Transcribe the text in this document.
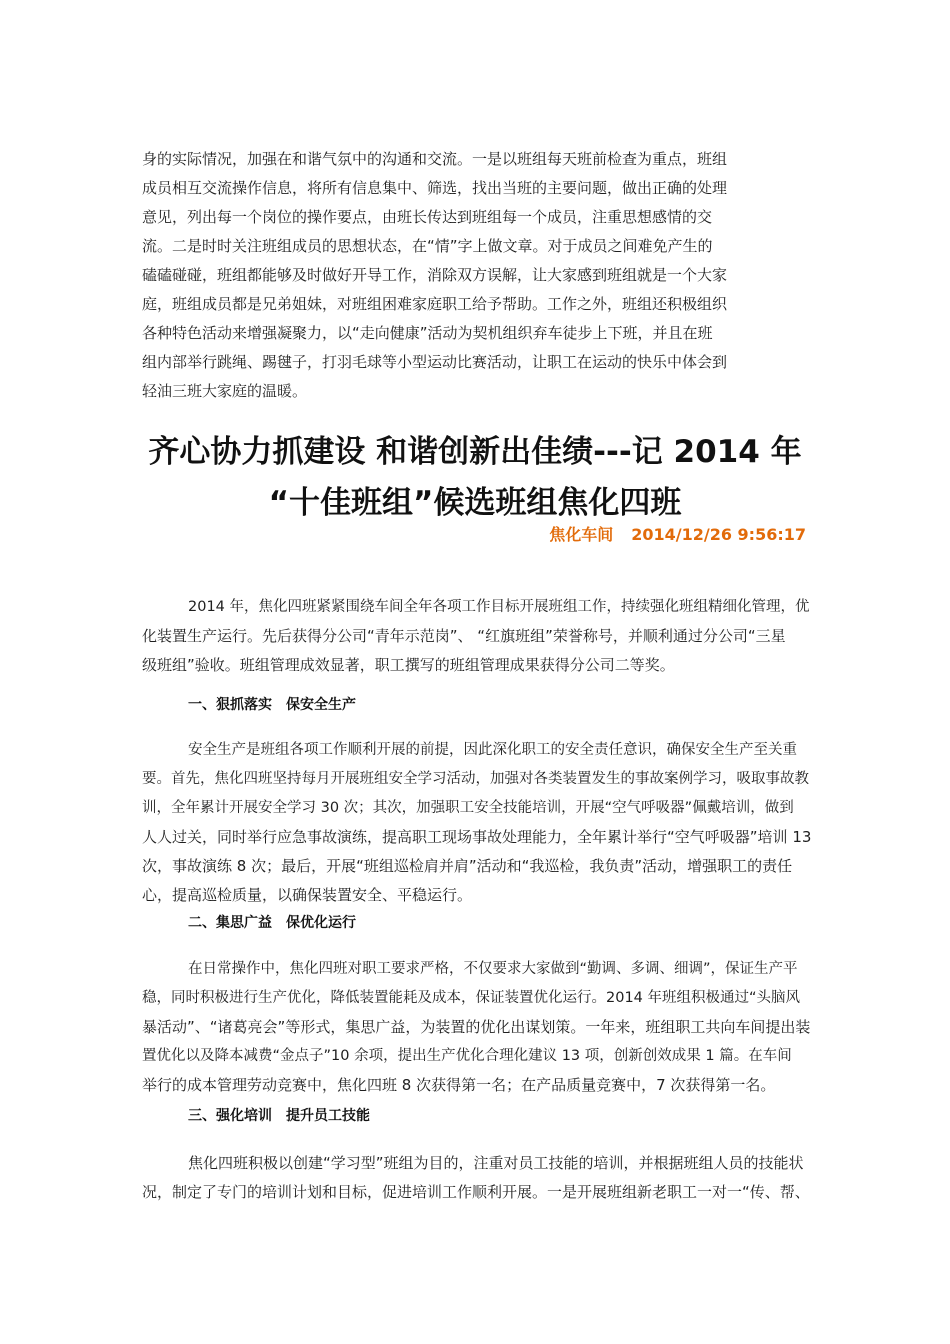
身的实际情况，加强在和谐气氛中的沟通和交流。一是以班组每天班前检查为重点，班组
成员相互交流操作信息，将所有信息集中、筛选，找出当班的主要问题，做出正确的处理
意见，列出每一个岗位的操作要点，由班长传达到班组每一个成员，注重思想感情的交
流。二是时时关注班组成员的思想状态，在“情”字上做文章。对于成员之间难免产生的
磕磕碰碰，班组都能够及时做好开导工作，消除双方误解，让大家感到班组就是一个大家
庭，班组成员都是兄弟姐妹，对班组困难家庭职工给予帮助。工作之外，班组还积极组织
各种特色活动来增强凝聚力，以“走向健康”活动为契机组织弃车徒步上下班，并且在班
组内部举行跳绳、踢毽子，打羽毛球等小型运动比赛活动，让职工在运动的快乐中体会到
轻油三班大家庭的温暖。
齐心协力抓建设 和谐创新出佳绩---记 2014 年
“十佳班组”候选班组焦化四班
焦化车间 2014/12/26 9:56:17
2014 年，焦化四班紧紧围绕车间全年各项工作目标开展班组工作，持续强化班组精细化管理，优
化装置生产运行。先后获得分公司“青年示范岗”、 “红旗班组”荣誉称号，并顺利通过分公司“三星
级班组”验收。班组管理成效显著，职工撰写的班组管理成果获得分公司二等奖。
一、狠抓落实 保安全生产
安全生产是班组各项工作顺利开展的前提，因此深化职工的安全责任意识，确保安全生产至关重
要。首先，焦化四班坚持每月开展班组安全学习活动，加强对各类装置发生的事故案例学习，吸取事故教
训，全年累计开展安全学习 30 次；其次，加强职工安全技能培训，开展“空气呼吸器”佩戴培训，做到
人人过关，同时举行应急事故演练，提高职工现场事故处理能力，全年累计举行“空气呼吸器”培训 13
次，事故演练 8 次；最后，开展“班组巡检肩并肩”活动和“我巡检，我负责”活动，增强职工的责任
心，提高巡检质量，以确保装置安全、平稳运行。
二、集思广益 保优化运行
在日常操作中，焦化四班对职工要求严格，不仅要求大家做到“勤调、多调、细调”，保证生产平
稳，同时积极进行生产优化，降低装置能耗及成本，保证装置优化运行。2014 年班组积极通过“头脑风
暴活动”、“诸葛亮会”等形式，集思广益，为装置的优化出谋划策。一年来，班组职工共向车间提出装
置优化以及降本减费“金点子”10 余项，提出生产优化合理化建议 13 项，创新创效成果 1 篇。在车间
举行的成本管理劳动竞赛中，焦化四班 8 次获得第一名；在产品质量竞赛中，7 次获得第一名。
三、强化培训 提升员工技能
焦化四班积极以创建“学习型”班组为目的，注重对员工技能的培训，并根据班组人员的技能状
况，制定了专门的培训计划和目标，促进培训工作顺利开展。一是开展班组新老职工一对一“传、帮、
